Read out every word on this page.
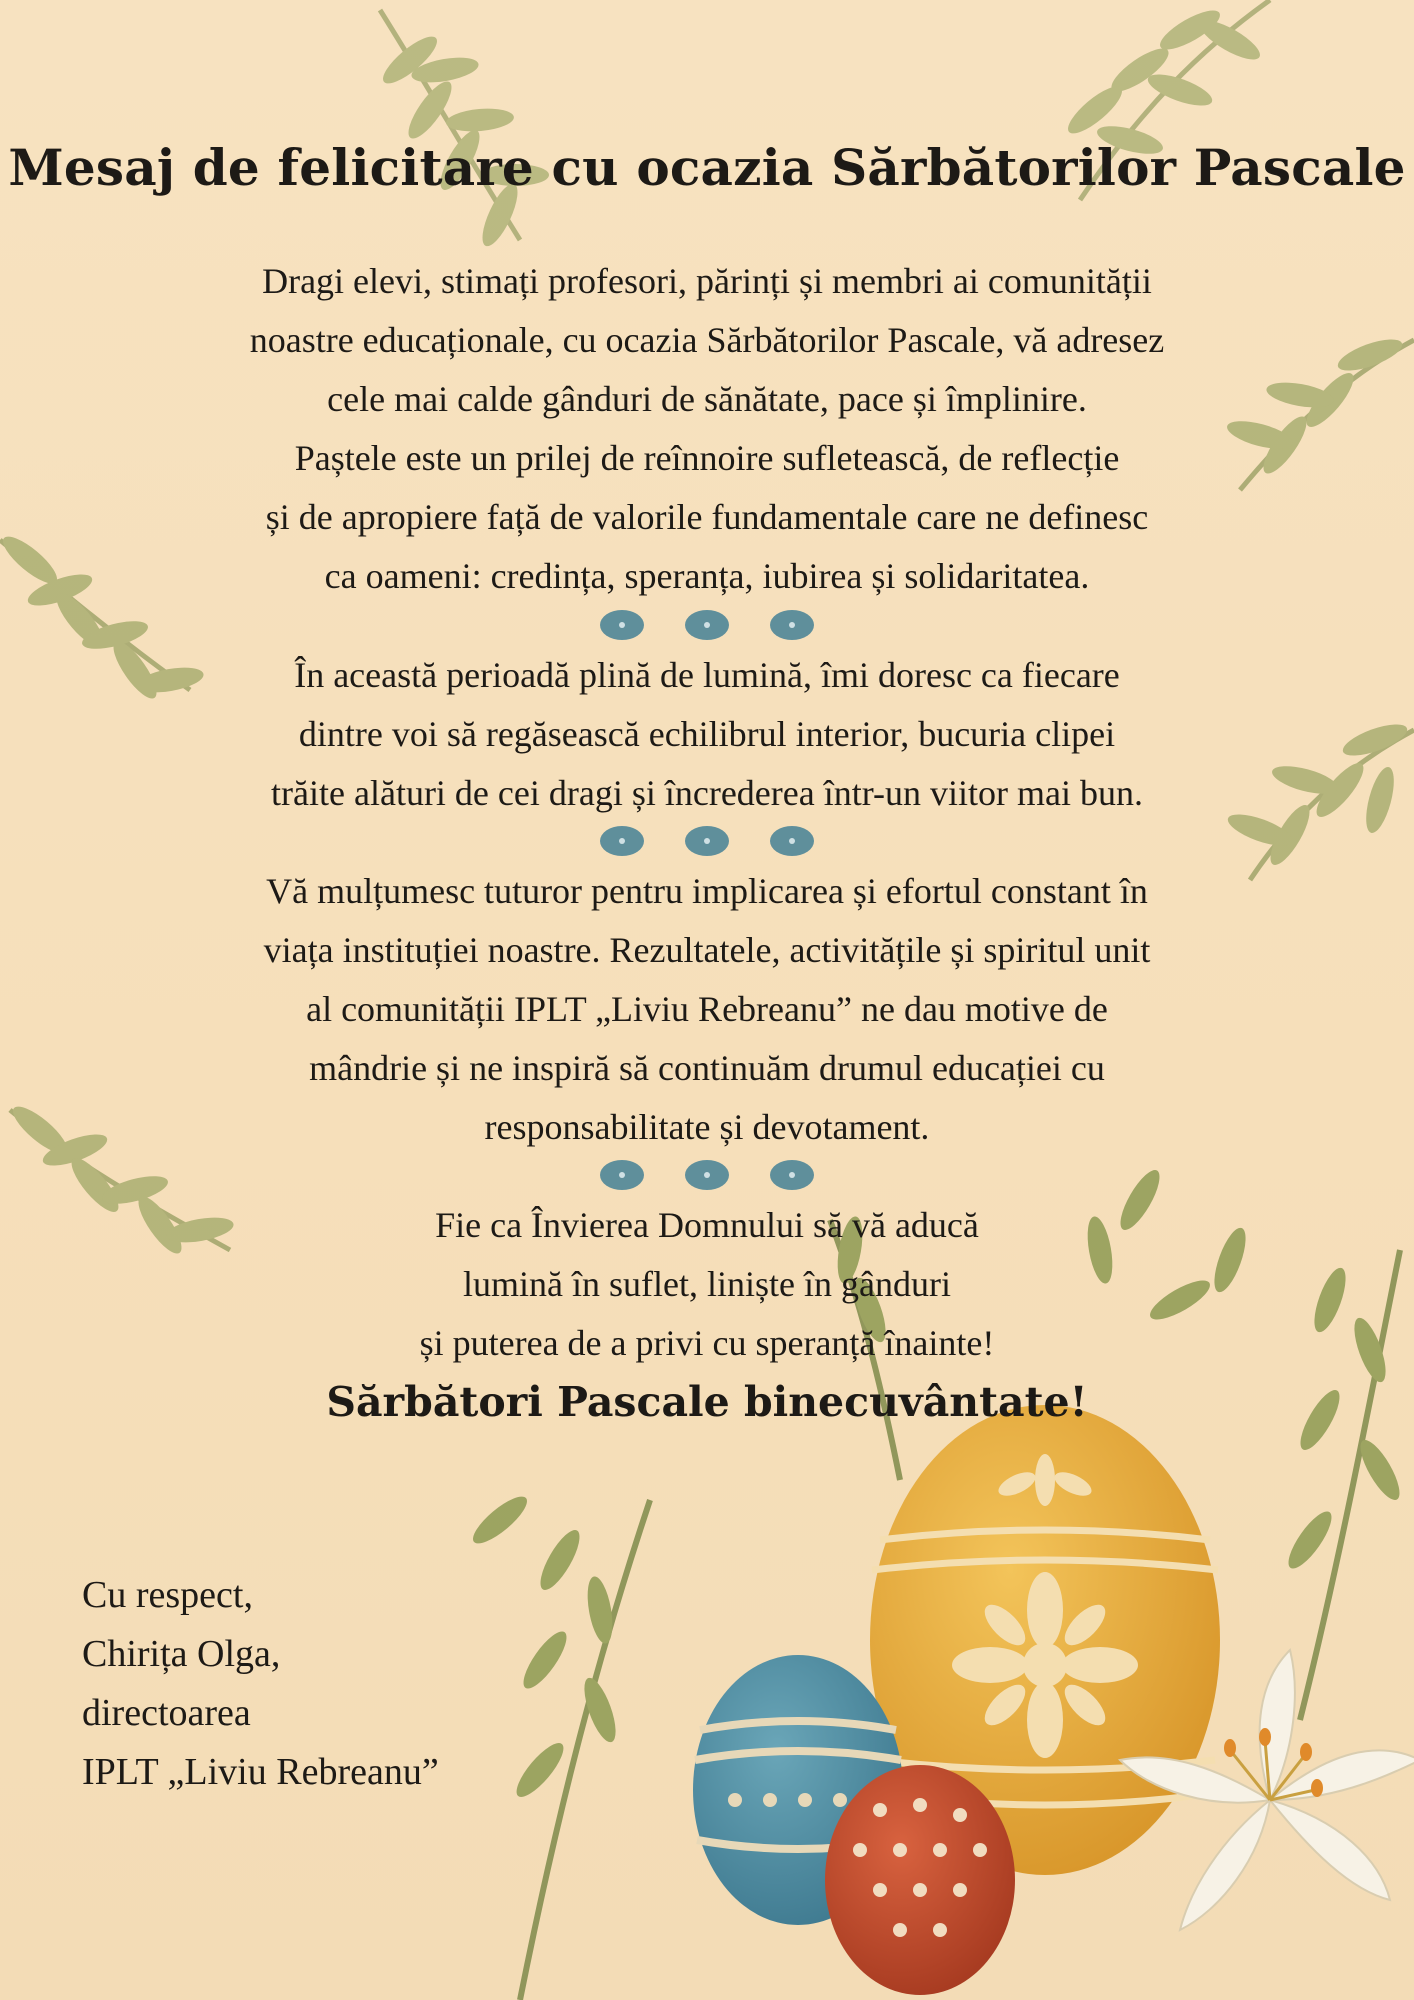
Mesaj de felicitare cu ocazia Sărbătorilor Pascale
Dragi elevi, stimați profesori, părinți și membri ai comunității
noastre educaționale, cu ocazia Sărbătorilor Pascale, vă adresez
cele mai calde gânduri de sănătate, pace și împlinire.
Paștele este un prilej de reînnoire sufletească, de reflecție
și de apropiere față de valorile fundamentale care ne definesc
ca oameni: credința, speranța, iubirea și solidaritatea.
În această perioadă plină de lumină, îmi doresc ca fiecare
dintre voi să regăsească echilibrul interior, bucuria clipei
trăite alături de cei dragi și încrederea într-un viitor mai bun.
Vă mulțumesc tuturor pentru implicarea și efortul constant în
viața instituției noastre. Rezultatele, activitățile și spiritul unit
al comunității IPLT „Liviu Rebreanu” ne dau motive de
mândrie și ne inspiră să continuăm drumul educației cu
responsabilitate și devotament.
Fie ca Învierea Domnului să vă aducă
lumină în suflet, liniște în gânduri
și puterea de a privi cu speranță înainte!
Sărbători Pascale binecuvântate!
Cu respect,
Chirița Olga,
directoarea
IPLT „Liviu Rebreanu”
